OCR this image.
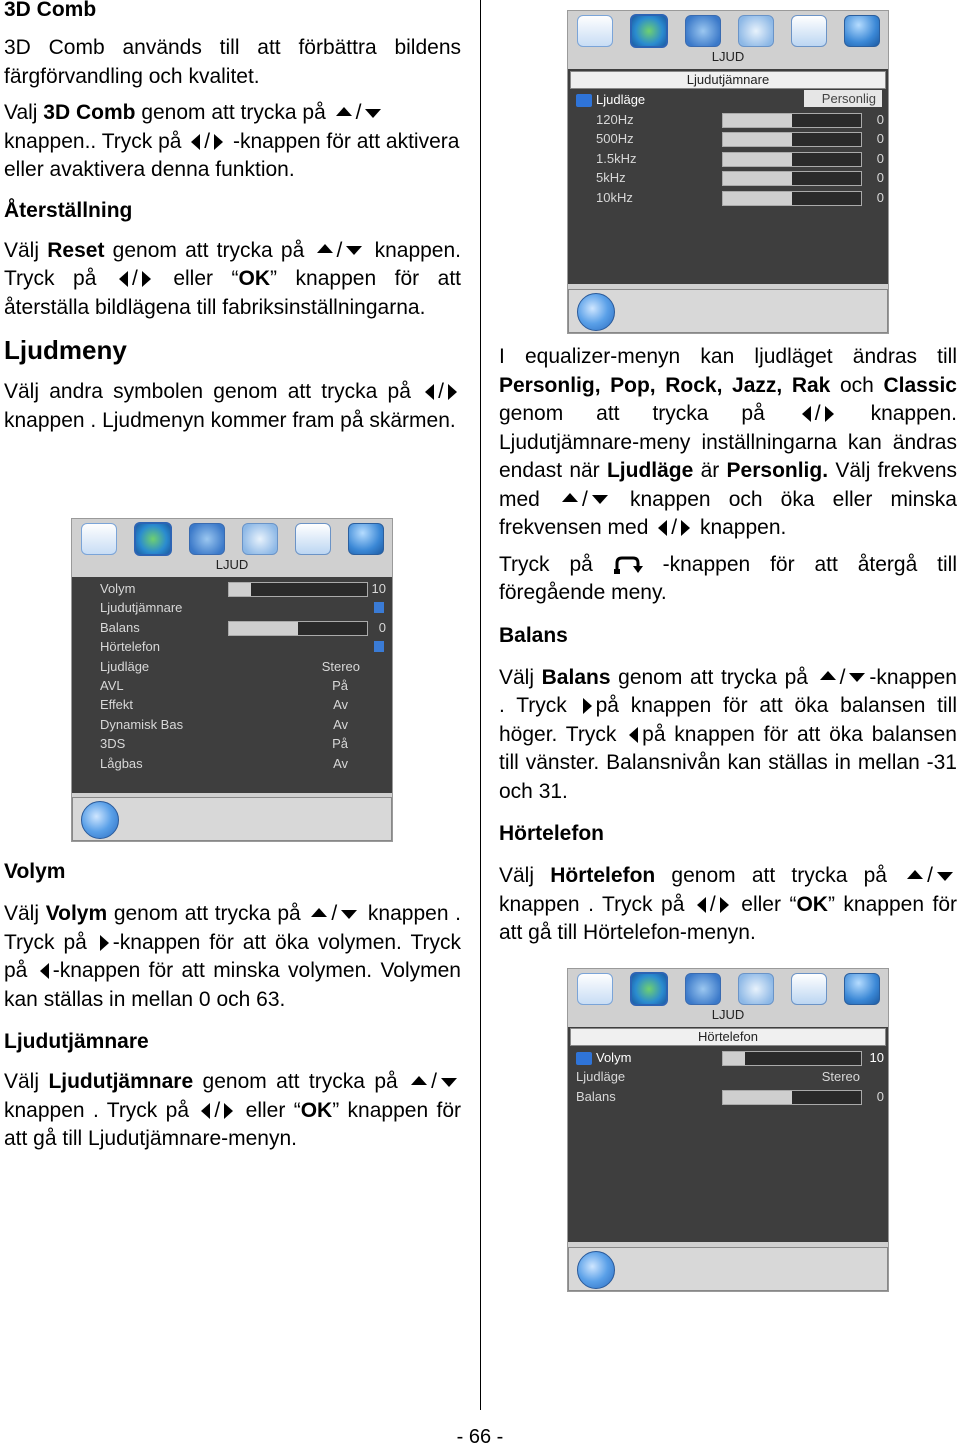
3D Comb

3D Comb används till att förbättra bildens färgförvandling och kvalitet.

Valj 3D Comb genom att trycka på / knappen.. Tryck på / -knappen för att aktivera eller avaktivera denna funktion.

Återställning

Välj Reset genom att trycka på / knappen. Tryck på / eller “OK” knappen för att återställa bildlägena till fabriksinställningarna.

Ljudmeny

Välj andra symbolen genom att trycka på / knappen . Ljudmenyn kommer fram på skärmen.

LJUD
Volym	10
Ljudutjämnare
Balans	0
Hörtelefon
Ljudläge	Stereo
AVL	På
Effekt	Av
Dynamisk Bas	Av
3DS	På
Lågbas	Av

Volym

Välj Volym genom att trycka på / knappen . Tryck på -knappen för att öka volymen. Tryck på -knappen för att minska volymen. Volymen kan ställas in mellan 0 och 63.

Ljudutjämnare

Välj Ljudutjämnare genom att trycka på / knappen . Tryck på / eller “OK” knappen för att gå till Ljudutjämnare-menyn.

LJUD
Ljudutjämnare
Ljudläge	Personlig
120Hz	0
500Hz	0
1.5kHz	0
5kHz	0
10kHz	0

I equalizer-menyn kan ljudläget ändras till Personlig, Pop, Rock, Jazz, Rak och Classic genom att trycka på / knappen. Ljudutjämnare-meny inställningarna kan ändras endast när Ljudläge är Personlig. Välj frekvens med / knappen och öka eller minska frekvensen med / knappen.

Tryck på	-knappen för att återgå till föregående meny.

Balans

Välj Balans genom att trycka på / -knappen . Tryck på knappen för att öka balansen till höger. Tryck på knappen för att öka balansen till vänster. Balansnivån kan ställas in mellan -31 och 31.

Hörtelefon

Välj Hörtelefon genom att trycka på / knappen . Tryck på / eller “OK” knappen för att gå till Hörtelefon-menyn.

LJUD
Hörtelefon
Volym	10
Ljudläge	Stereo
Balans	0
- 66 -
